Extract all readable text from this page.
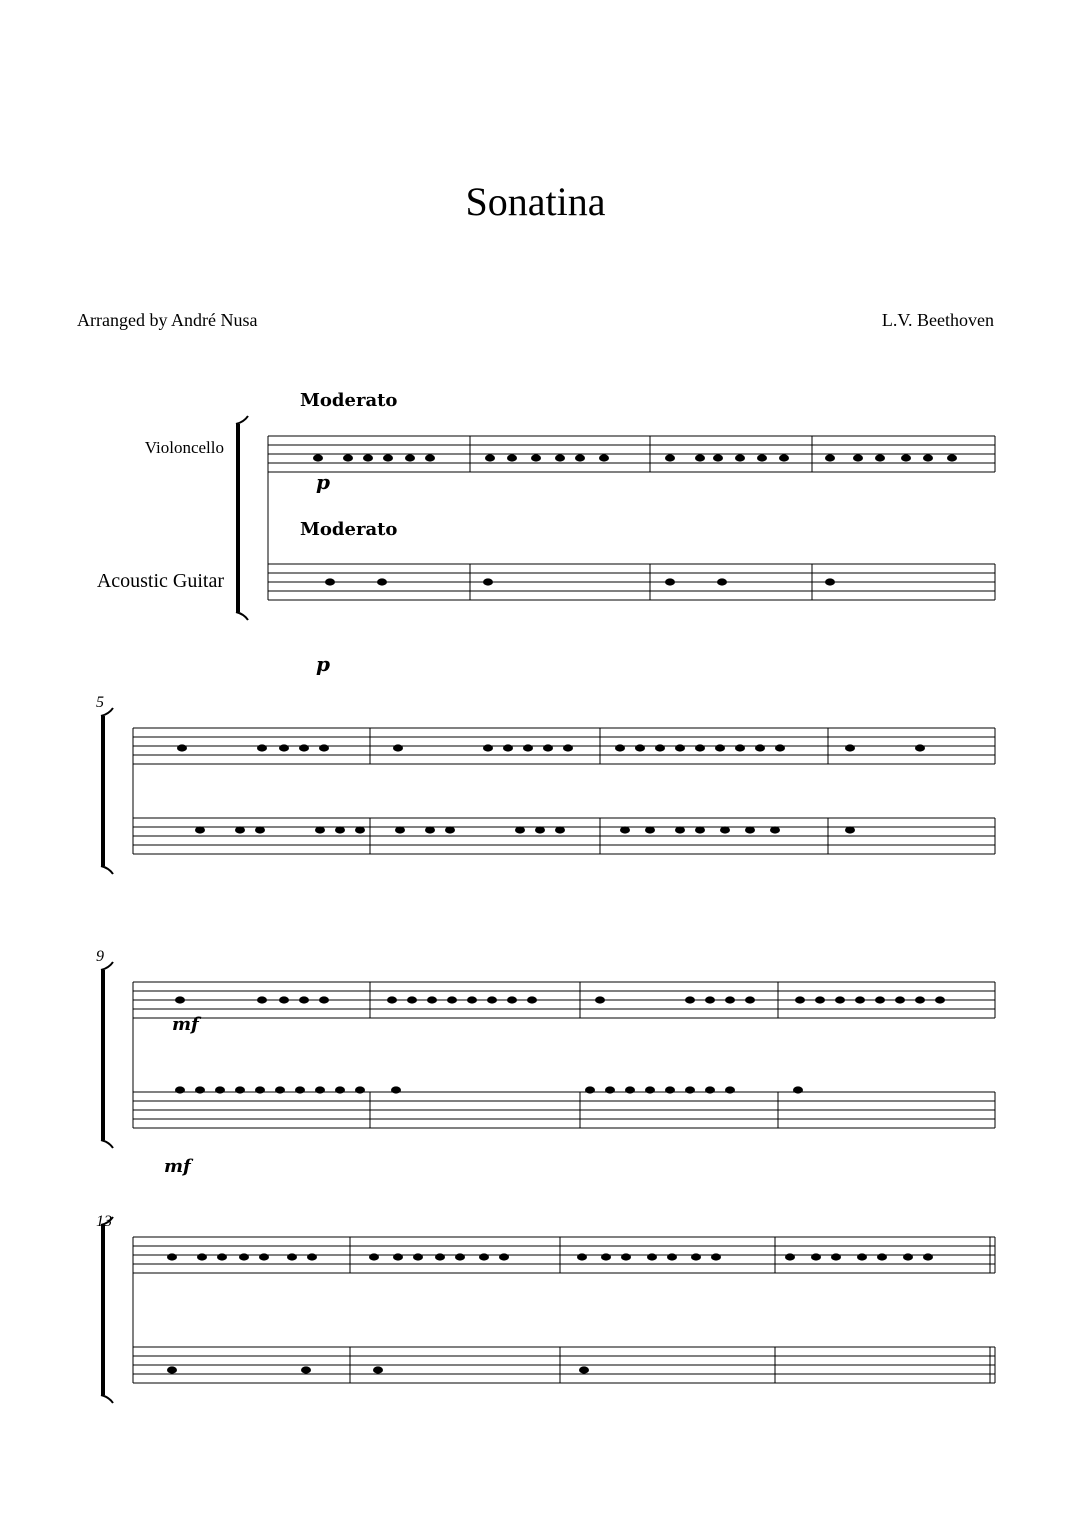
Sonatina
Arranged by André Nusa	L.V. Beethoven
Moderato
Moderato
Violoncello
Acoustic Guitar
p
p
mf
mf
5
9
13
